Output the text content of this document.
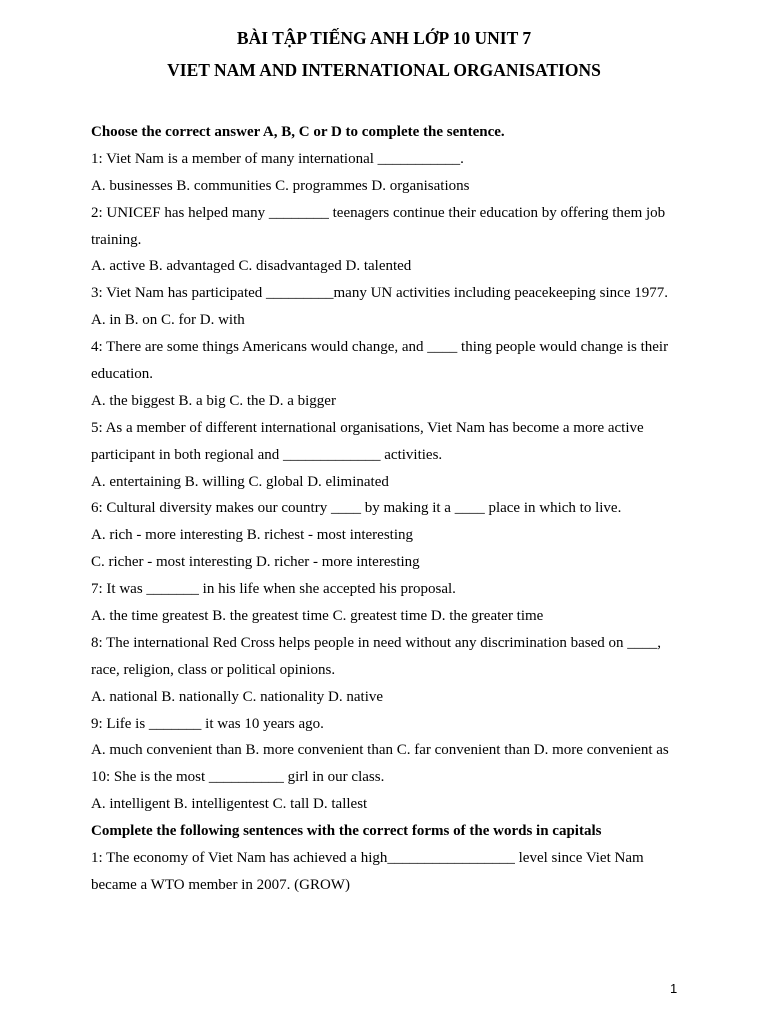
BÀI TẬP TIẾNG ANH LỚP 10 UNIT 7
VIET NAM AND INTERNATIONAL ORGANISATIONS
Choose the correct answer A, B, C or D to complete the sentence.
1: Viet Nam is a member of many international ___________.
A. businesses B. communities C. programmes D. organisations
2: UNICEF has helped many ________ teenagers continue their education by offering them job
training.
A. active B. advantaged C. disadvantaged D. talented
3: Viet Nam has participated _________many UN activities including peacekeeping since 1977.
A. in B. on C. for D. with
4: There are some things Americans would change, and ____ thing people would change is their
education.
A. the biggest B. a big C. the D. a bigger
5: As a member of different international organisations, Viet Nam has become a more active
participant in both regional and _____________ activities.
A. entertaining B. willing C. global D. eliminated
6: Cultural diversity makes our country ____ by making it a ____ place in which to live.
A. rich - more interesting B. richest - most interesting
C. richer - most interesting D. richer - more interesting
7: It was _______ in his life when she accepted his proposal.
A. the time greatest B. the greatest time C. greatest time D. the greater time
8: The international Red Cross helps people in need without any discrimination based on ____,
race, religion, class or political opinions.
A. national B. nationally C. nationality D. native
9: Life is _______ it was 10 years ago.
A. much convenient than B. more convenient than C. far convenient than D. more convenient as
10: She is the most __________ girl in our class.
A. intelligent B. intelligentest C. tall D. tallest
Complete the following sentences with the correct forms of the words in capitals
1: The economy of Viet Nam has achieved a high_________________ level since Viet Nam
became a WTO member in 2007. (GROW)
1
